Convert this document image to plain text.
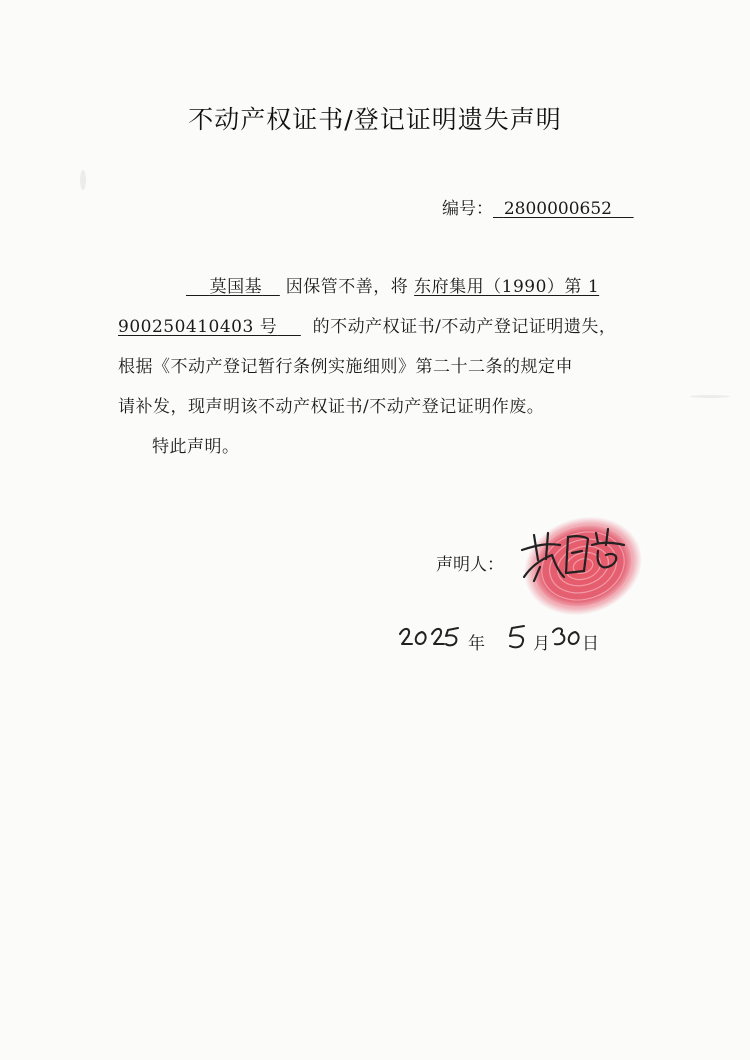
不动产权证书/登记证明遗失声明
编号： 2800000652
莫国基 因保管不善，将 东府集用（1990）第 1
900250410403 号 的不动产权证书/不动产登记证明遗失，
根据《不动产登记暂行条例实施细则》第二十二条的规定申
请补发，现声明该不动产权证书/不动产登记证明作废。
特此声明。
声明人：
年	月 日
